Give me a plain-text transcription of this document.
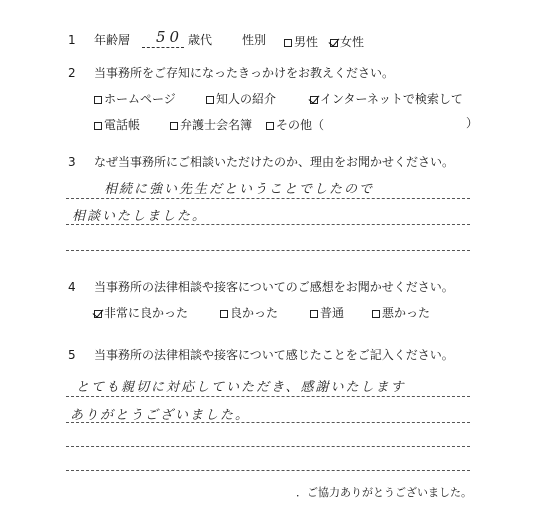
1 年齢層 50 歳代 性別	男性	女性
2 当事務所をご存知になったきっかけをお教えください。
ホームページ	知人の紹介	インターネットで検索して
電話帳	弁護士会名簿	その他（	）
3 なぜ当事務所にご相談いただけたのか、理由をお聞かせください。
相続に強い先生だということでしたので
相談いたしました。
4 当事務所の法律相談や接客についてのご感想をお聞かせください。
非常に良かった	良かった	普通	悪かった
5 当事務所の法律相談や接客について感じたことをご記入ください。
とても親切に対応していただき、感謝いたします
ありがとうございました。
．ご協力ありがとうございました。
